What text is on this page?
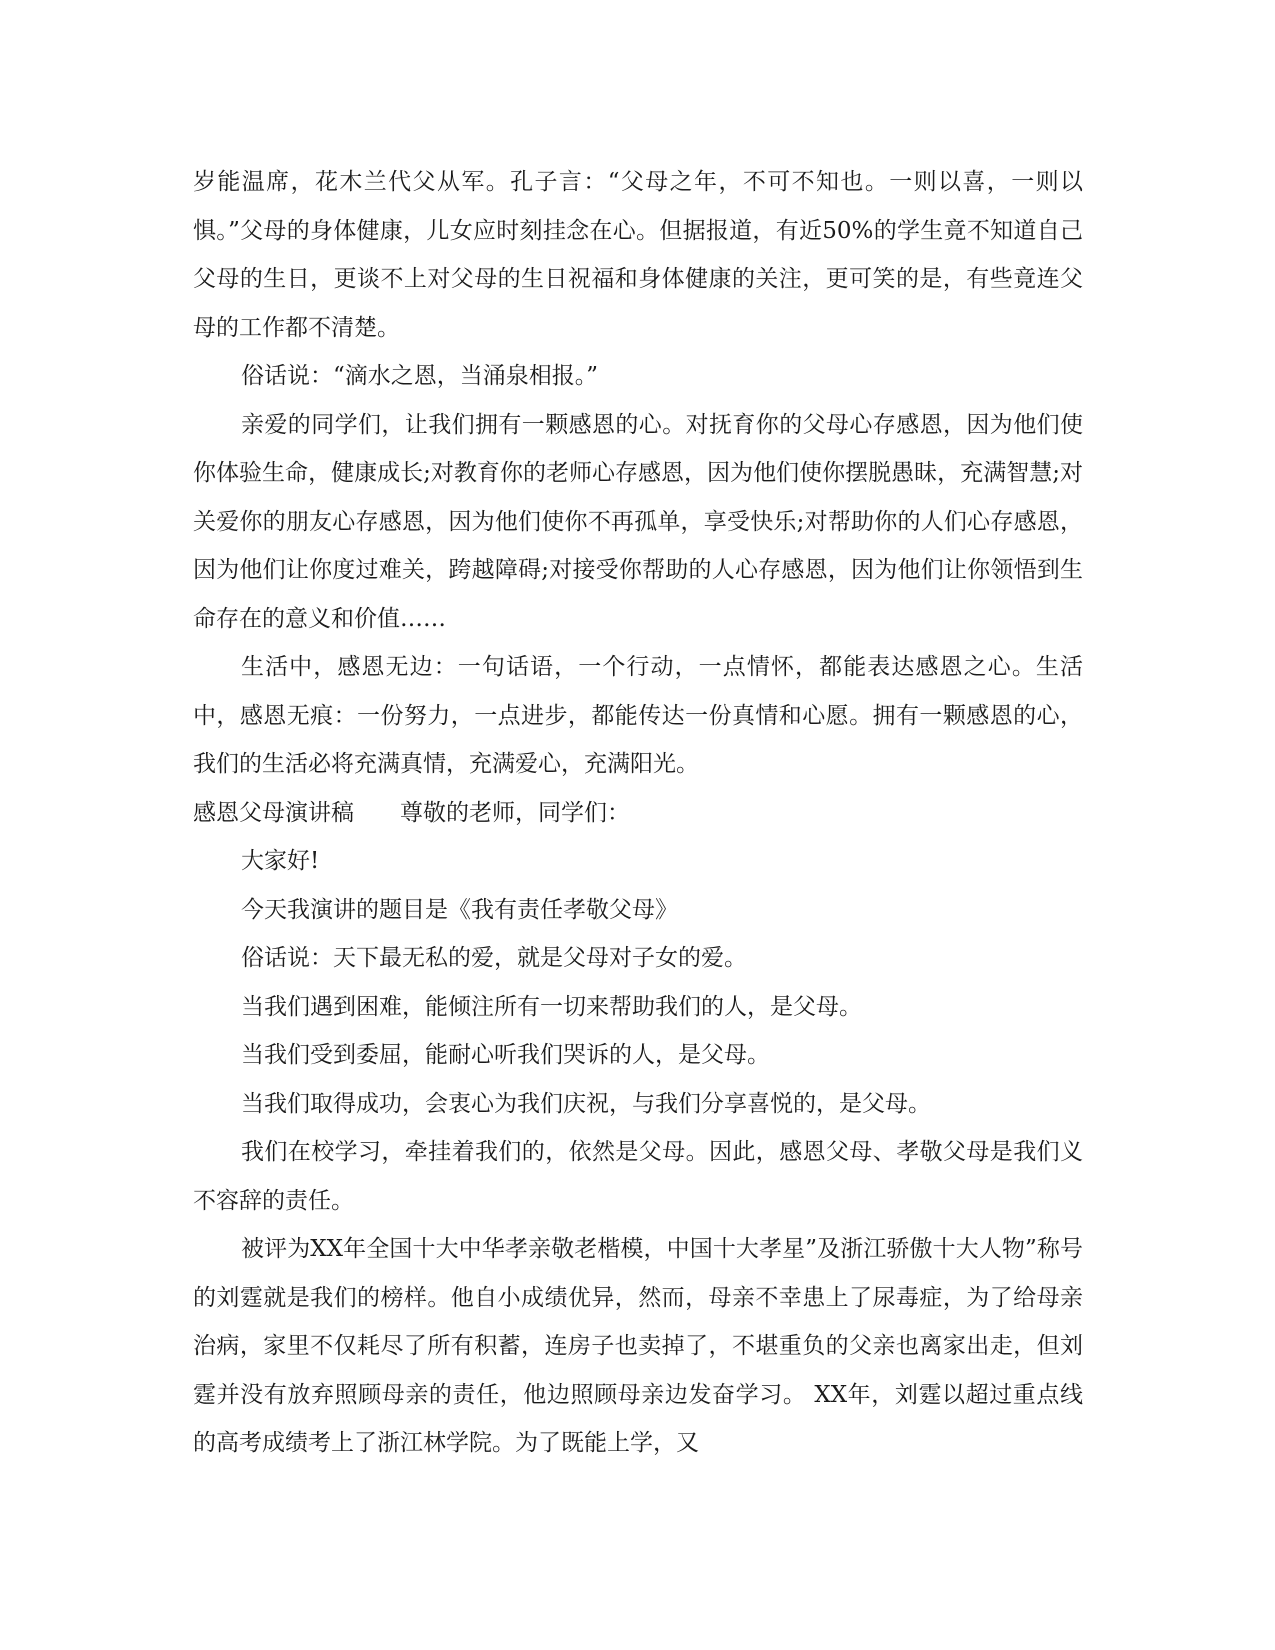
岁能温席，花木兰代父从军。孔子言：“父母之年，不可不知也。一则以喜，一则以惧。”父母的身体健康，儿女应时刻挂念在心。但据报道，有近50%的学生竟不知道自己父母的生日，更谈不上对父母的生日祝福和身体健康的关注，更可笑的是，有些竟连父母的工作都不清楚。

俗话说：“滴水之恩，当涌泉相报。”

亲爱的同学们，让我们拥有一颗感恩的心。对抚育你的父母心存感恩，因为他们使你体验生命，健康成长;对教育你的老师心存感恩，因为他们使你摆脱愚昧，充满智慧;对关爱你的朋友心存感恩，因为他们使你不再孤单，享受快乐;对帮助你的人们心存感恩，因为他们让你度过难关，跨越障碍;对接受你帮助的人心存感恩，因为他们让你领悟到生命存在的意义和价值……

生活中，感恩无边：一句话语，一个行动，一点情怀，都能表达感恩之心。生活中，感恩无痕：一份努力，一点进步，都能传达一份真情和心愿。拥有一颗感恩的心，我们的生活必将充满真情，充满爱心，充满阳光。

感恩父母演讲稿 尊敬的老师，同学们：

大家好!

今天我演讲的题目是《我有责任孝敬父母》

俗话说：天下最无私的爱，就是父母对子女的爱。

当我们遇到困难，能倾注所有一切来帮助我们的人，是父母。

当我们受到委屈，能耐心听我们哭诉的人，是父母。

当我们取得成功，会衷心为我们庆祝，与我们分享喜悦的，是父母。

我们在校学习，牵挂着我们的，依然是父母。因此，感恩父母、孝敬父母是我们义不容辞的责任。

被评为XX年全国十大中华孝亲敬老楷模，中国十大孝星”及浙江骄傲十大人物”称号的刘霆就是我们的榜样。他自小成绩优异，然而，母亲不幸患上了尿毒症，为了给母亲治病，家里不仅耗尽了所有积蓄，连房子也卖掉了，不堪重负的父亲也离家出走，但刘霆并没有放弃照顾母亲的责任，他边照顾母亲边发奋学习。 XX年，刘霆以超过重点线的高考成绩考上了浙江林学院。为了既能上学，又
